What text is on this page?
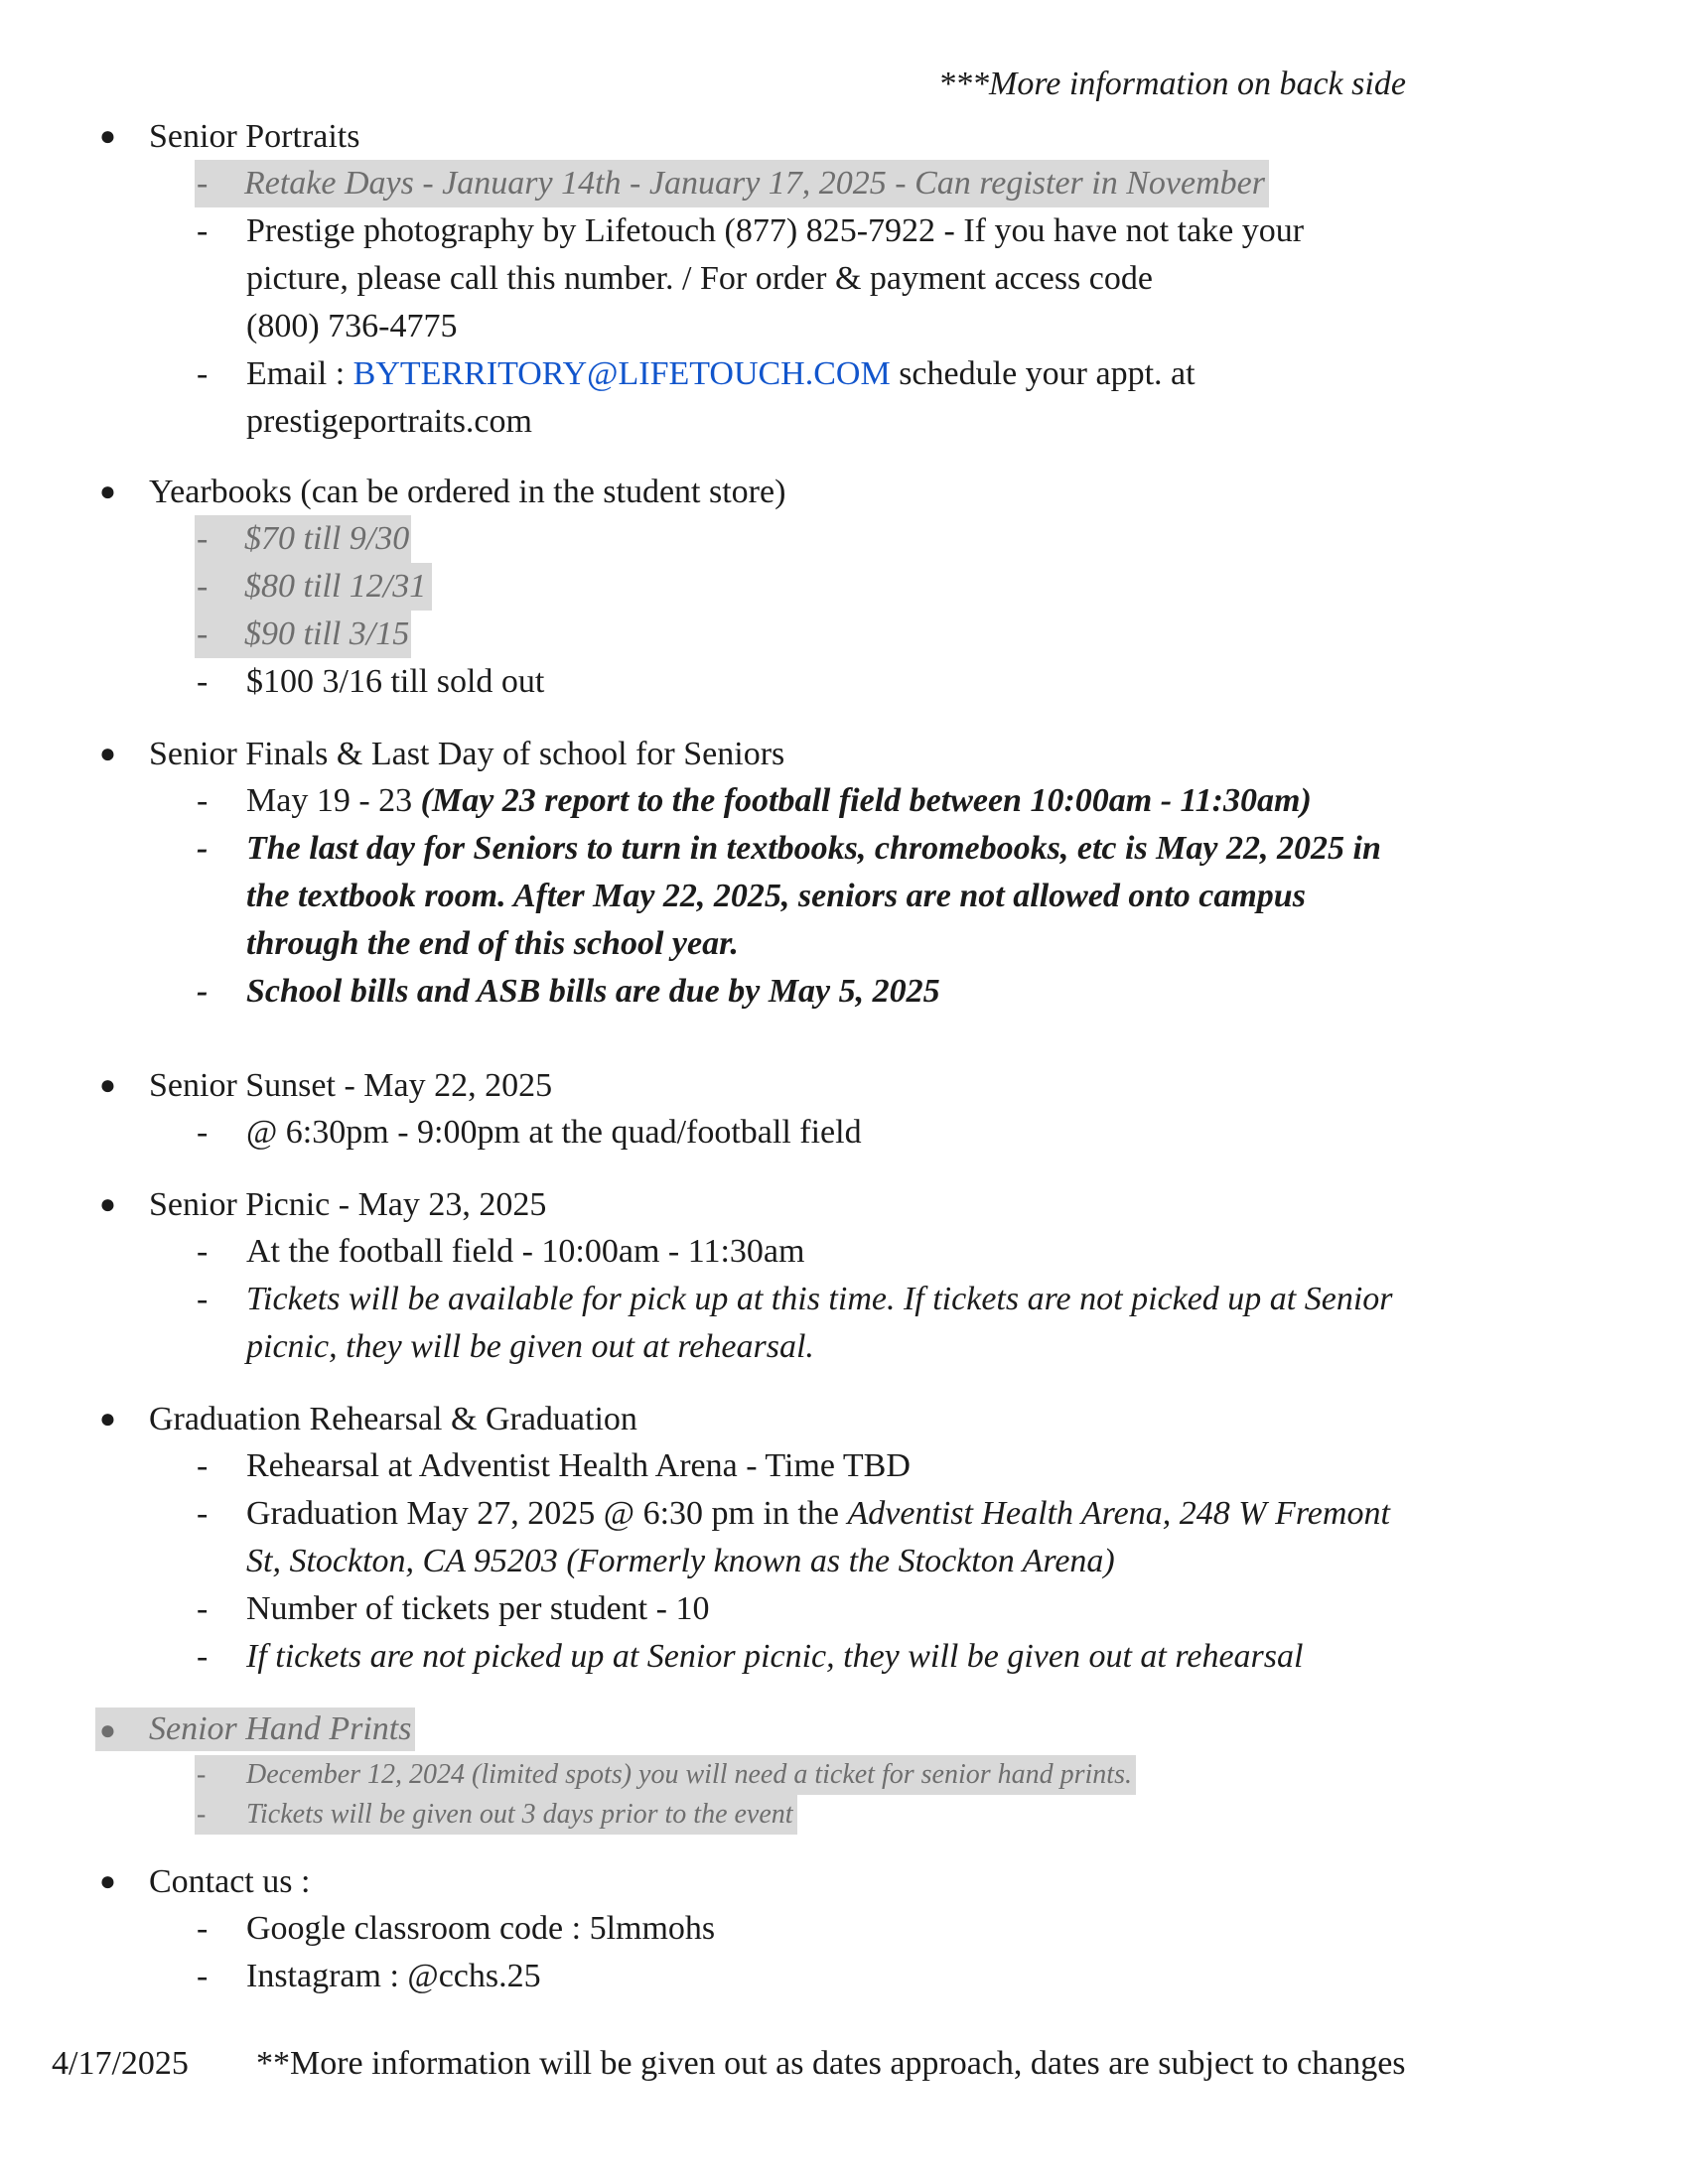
***More information on back side
● Senior Portraits
- Retake Days - January 14th - January 17, 2025 - Can register in November
- Prestige photography by Lifetouch (877) 825-7922 - If you have not take your
picture, please call this number. / For order & payment access code
(800) 736-4775
- Email : BYTERRITORY@LIFETOUCH.COM schedule your appt. at
prestigeportraits.com
● Yearbooks (can be ordered in the student store)
- $70 till 9/30
- $80 till 12/31
- $90 till 3/15
- $100 3/16 till sold out
● Senior Finals & Last Day of school for Seniors
- May 19 - 23 (May 23 report to the football field between 10:00am - 11:30am)
- The last day for Seniors to turn in textbooks, chromebooks, etc is May 22, 2025 in
the textbook room. After May 22, 2025, seniors are not allowed onto campus
through the end of this school year.
- School bills and ASB bills are due by May 5, 2025
● Senior Sunset - May 22, 2025
- @ 6:30pm - 9:00pm at the quad/football field
● Senior Picnic - May 23, 2025
- At the football field - 10:00am - 11:30am
- Tickets will be available for pick up at this time. If tickets are not picked up at Senior
picnic, they will be given out at rehearsal.
● Graduation Rehearsal & Graduation
- Rehearsal at Adventist Health Arena - Time TBD
- Graduation May 27, 2025 @ 6:30 pm in the Adventist Health Arena, 248 W Fremont
St, Stockton, CA 95203 (Formerly known as the Stockton Arena)
- Number of tickets per student - 10
- If tickets are not picked up at Senior picnic, they will be given out at rehearsal
● Senior Hand Prints
- December 12, 2024 (limited spots) you will need a ticket for senior hand prints.
- Tickets will be given out 3 days prior to the event
● Contact us :
- Google classroom code : 5lmmohs
- Instagram : @cchs.25
4/17/2025 **More information will be given out as dates approach, dates are subject to changes
